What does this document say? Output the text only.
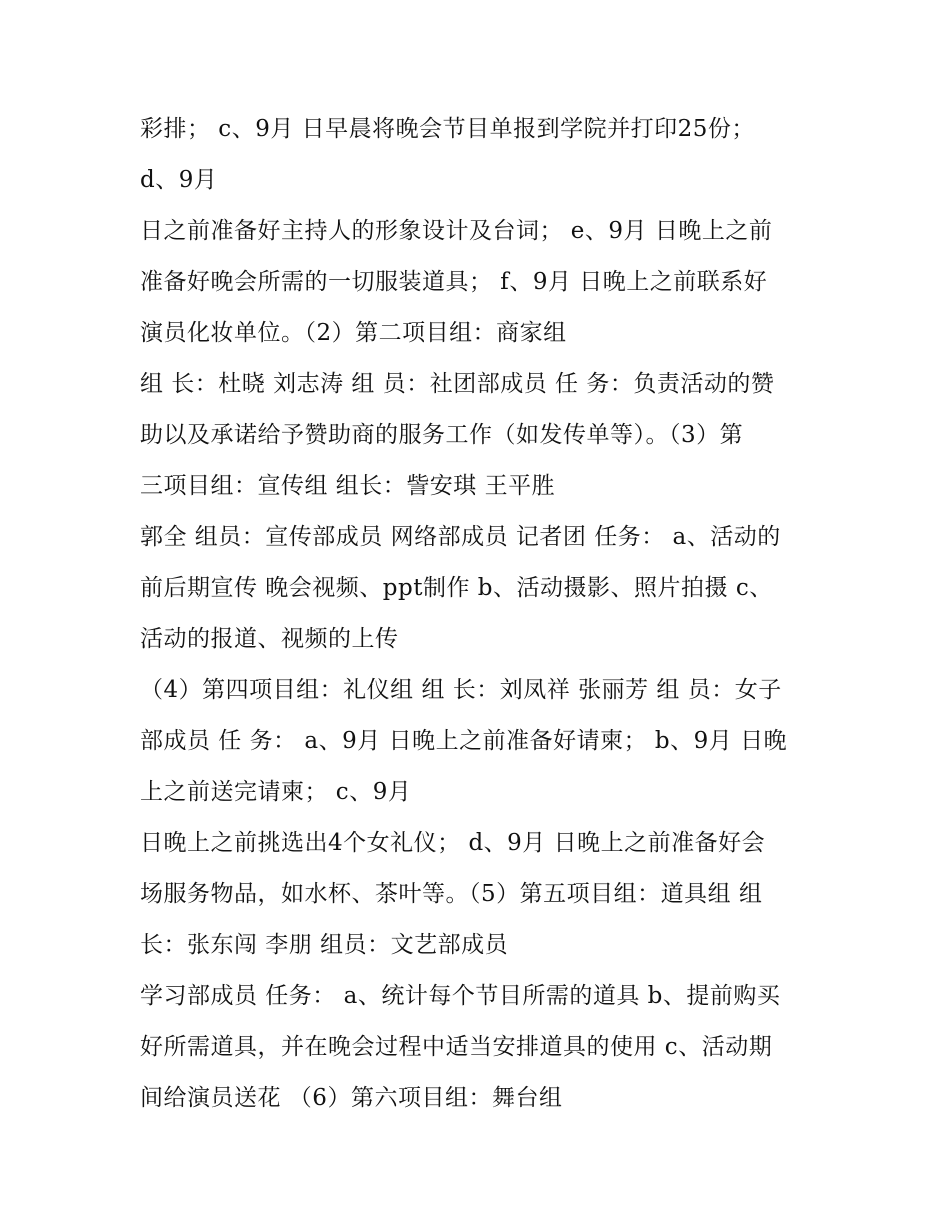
彩排； c、9月 日早晨将晚会节目单报到学院并打印25份；
d、9月
日之前准备好主持人的形象设计及台词； e、9月 日晚上之前
准备好晚会所需的一切服装道具； f、9月 日晚上之前联系好
演员化妆单位。（2）第二项目组：商家组
组 长：杜晓 刘志涛 组 员：社团部成员 任 务：负责活动的赞
助以及承诺给予赞助商的服务工作（如发传单等）。（3）第
三项目组：宣传组 组长：訾安琪 王平胜
郭全 组员：宣传部成员 网络部成员 记者团 任务： a、活动的
前后期宣传 晚会视频、ppt制作 b、活动摄影、照片拍摄 c、
活动的报道、视频的上传
（4）第四项目组：礼仪组 组 长：刘凤祥 张丽芳 组 员：女子
部成员 任 务： a、9月 日晚上之前准备好请柬； b、9月 日晚
上之前送完请柬； c、9月
日晚上之前挑选出4个女礼仪； d、9月 日晚上之前准备好会
场服务物品，如水杯、茶叶等。（5）第五项目组：道具组 组
长：张东闯 李朋 组员：文艺部成员
学习部成员 任务： a、统计每个节目所需的道具 b、提前购买
好所需道具，并在晚会过程中适当安排道具的使用 c、活动期
间给演员送花 （6）第六项目组：舞台组
